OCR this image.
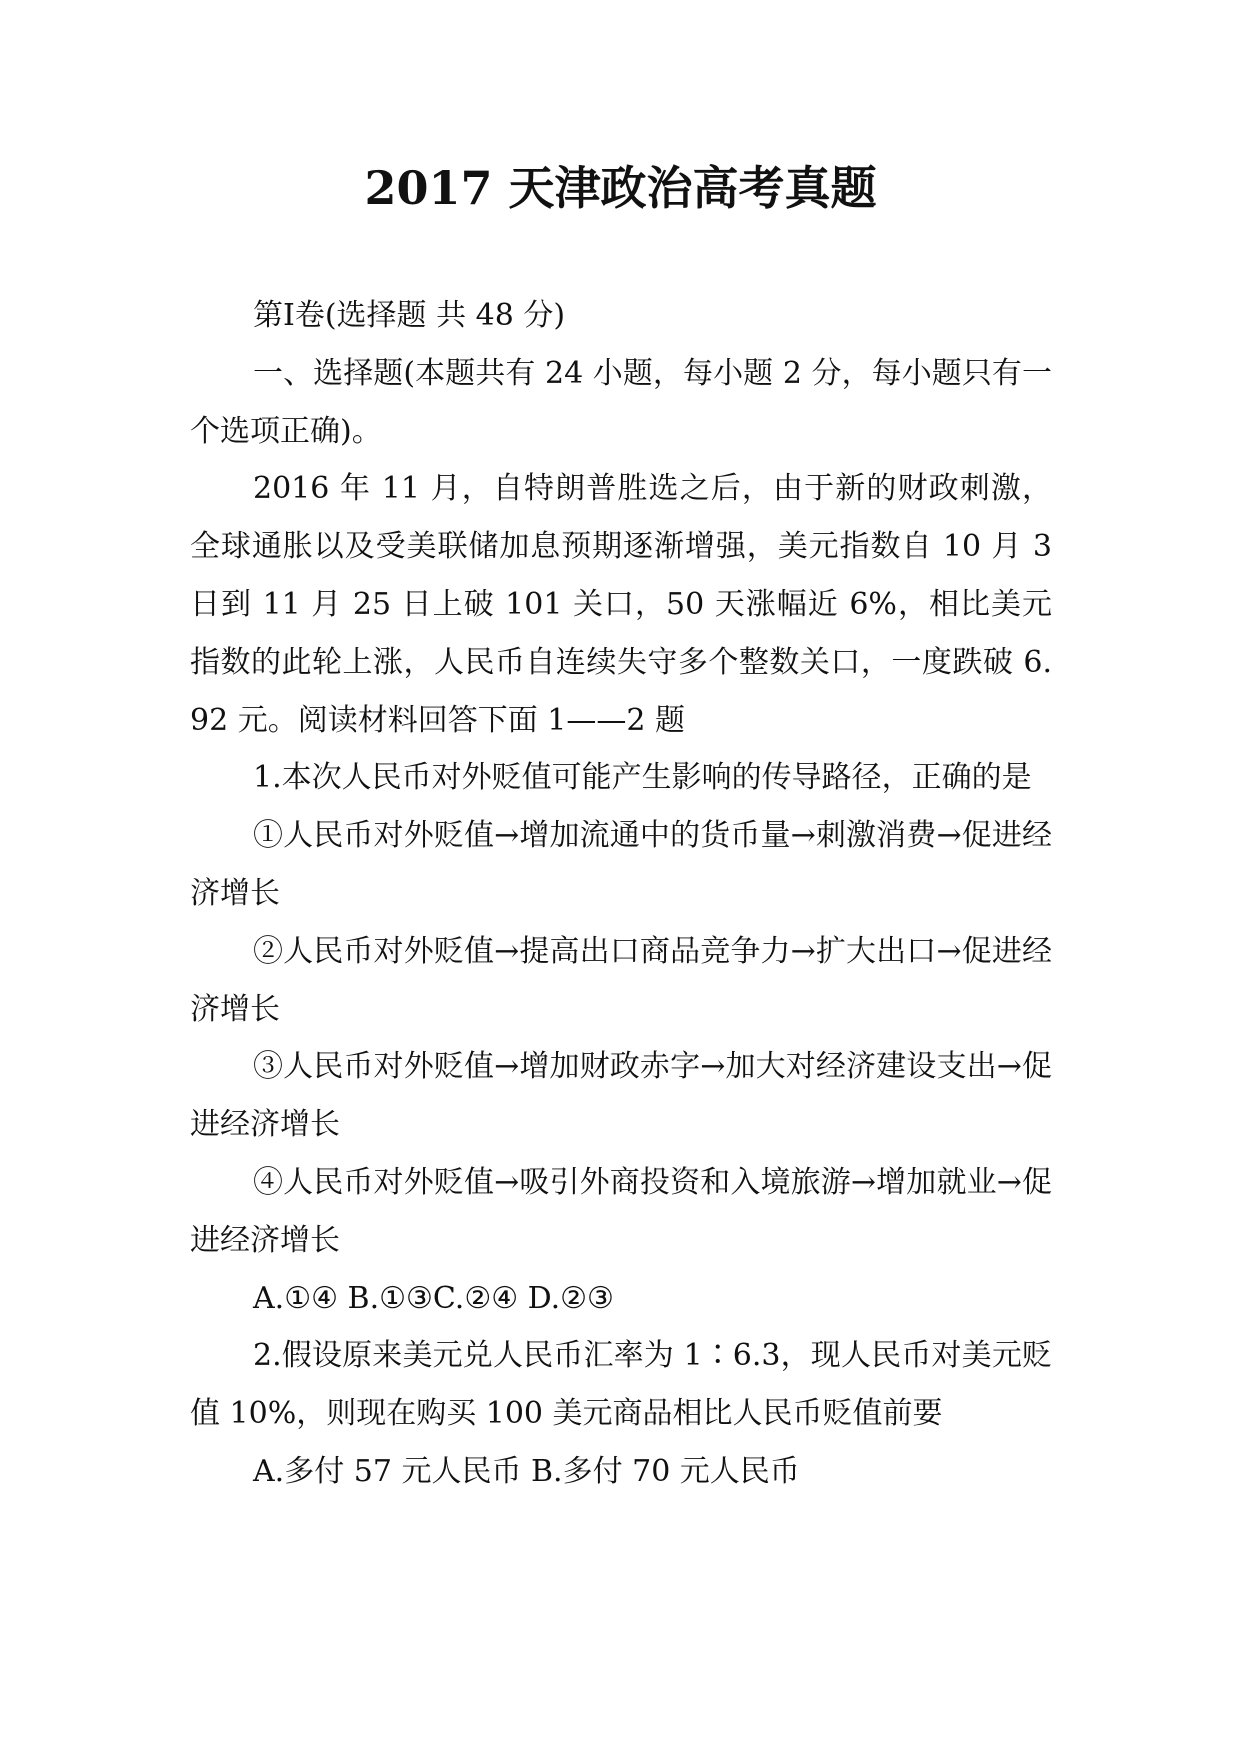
2017 天津政治高考真题

第Ⅰ卷(选择题 共 48 分)

一、选择题(本题共有 24 小题，每小题 2 分，每小题只有一个选项正确)。

2016 年 11 月，自特朗普胜选之后，由于新的财政刺激，全球通胀以及受美联储加息预期逐渐增强，美元指数自 10 月 3 日到 11 月 25 日上破 101 关口，50 天涨幅近 6%，相比美元指数的此轮上涨，人民币自连续失守多个整数关口，一度跌破 6.92 元。阅读材料回答下面 1——2 题

1.本次人民币对外贬值可能产生影响的传导路径，正确的是

①人民币对外贬值→增加流通中的货币量→刺激消费→促进经济增长

②人民币对外贬值→提高出口商品竞争力→扩大出口→促进经济增长

③人民币对外贬值→增加财政赤字→加大对经济建设支出→促进经济增长

④人民币对外贬值→吸引外商投资和入境旅游→增加就业→促进经济增长

A.①④ B.①③C.②④ D.②③

2.假设原来美元兑人民币汇率为 1∶6.3，现人民币对美元贬值 10%，则现在购买 100 美元商品相比人民币贬值前要

A.多付 57 元人民币 B.多付 70 元人民币
